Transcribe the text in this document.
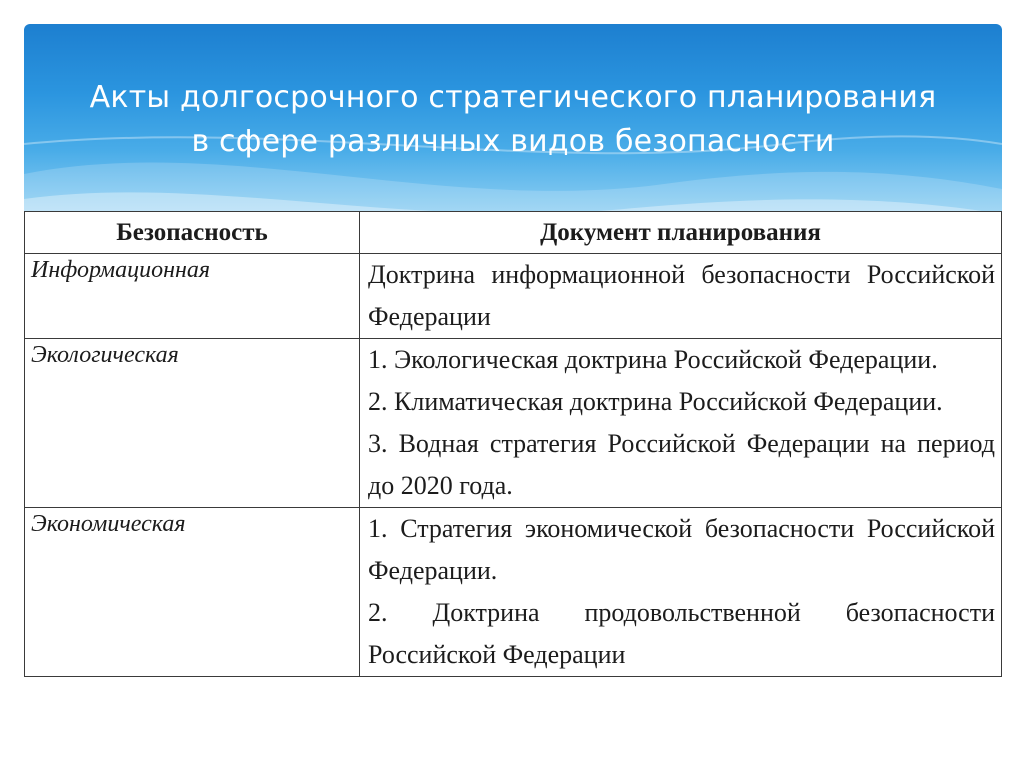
Акты долгосрочного стратегического планирования
в сфере различных видов безопасности
Безопасность	Документ планирования
Информационная	Доктрина информационной безопасности Российской Федерации

Экологическая	1. Экологическая доктрина Российской Федерации.

2. Климатическая доктрина Российской Федерации.

3. Водная стратегия Российской Федерации на период до 2020 года.

Экономическая	1. Стратегия экономической безопасности Российской Федерации.

2. Доктрина продовольственной безопасности Российской Федерации
